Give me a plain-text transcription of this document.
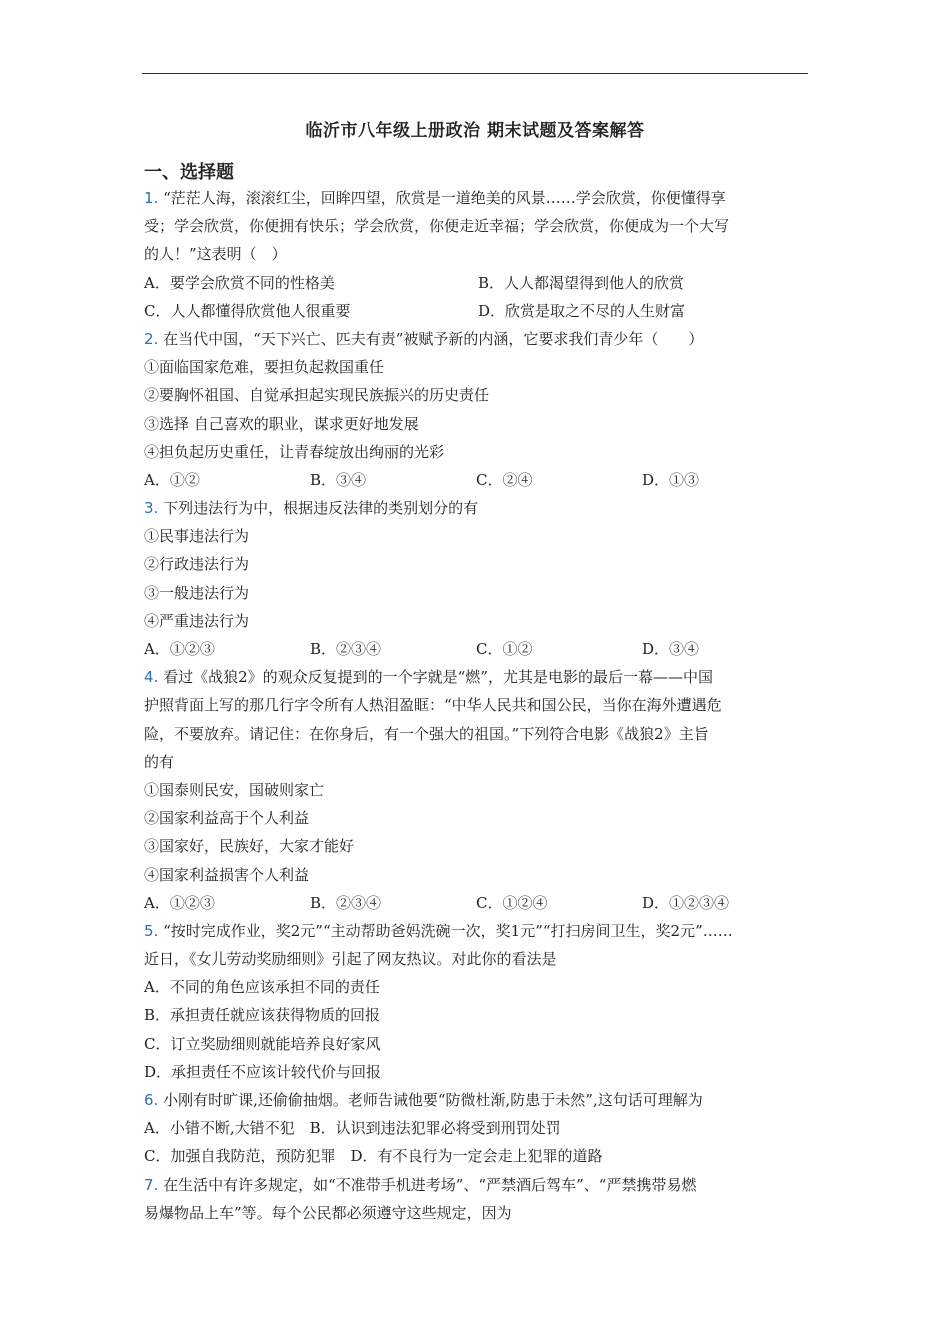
临沂市八年级上册政治 期末试题及答案解答
一、选择题
1. “茫茫人海，滚滚红尘，回眸四望，欣赏是一道绝美的风景……学会欣赏，你便懂得享
受；学会欣赏，你便拥有快乐；学会欣赏，你便走近幸福；学会欣赏，你便成为一个大写
的人！”这表明（　）
A．要学会欣赏不同的性格美	B．人人都渴望得到他人的欣赏
C．人人都懂得欣赏他人很重要	D．欣赏是取之不尽的人生财富
2. 在当代中国，“天下兴亡、匹夫有责”被赋予新的内涵，它要求我们青少年（　　）
①面临国家危难，要担负起救国重任
②要胸怀祖国、自觉承担起实现民族振兴的历史责任
③选择 自己喜欢的职业，谋求更好地发展
④担负起历史重任，让青春绽放出绚丽的光彩
A．①②	B．③④	C．②④	D．①③
3. 下列违法行为中，根据违反法律的类别划分的有
①民事违法行为
②行政违法行为
③一般违法行为
④严重违法行为
A．①②③	B．②③④	C．①②	D．③④
4. 看过《战狼2》的观众反复提到的一个字就是“燃”，尤其是电影的最后一幕——中国
护照背面上写的那几行字令所有人热泪盈眶：“中华人民共和国公民，当你在海外遭遇危
险，不要放弃。请记住：在你身后，有一个强大的祖国。”下列符合电影《战狼2》主旨
的有
①国泰则民安，国破则家亡
②国家利益高于个人利益
③国家好，民族好，大家才能好
④国家利益损害个人利益
A．①②③	B．②③④	C．①②④	D．①②③④
5. “按时完成作业，奖2元”“主动帮助爸妈洗碗一次，奖1元”“打扫房间卫生，奖2元”……
近日，《女儿劳动奖励细则》引起了网友热议。对此你的看法是
A．不同的角色应该承担不同的责任
B．承担责任就应该获得物质的回报
C．订立奖励细则就能培养良好家风
D．承担责任不应该计较代价与回报
6. 小刚有时旷课,还偷偷抽烟。老师告诫他要“防微杜渐,防患于未然”,这句话可理解为
A．小错不断,大错不犯　B．认识到违法犯罪必将受到刑罚处罚
C．加强自我防范，预防犯罪　D．有不良行为一定会走上犯罪的道路
7. 在生活中有许多规定，如“不准带手机进考场”、“严禁酒后驾车”、“严禁携带易燃
易爆物品上车”等。每个公民都必须遵守这些规定，因为
